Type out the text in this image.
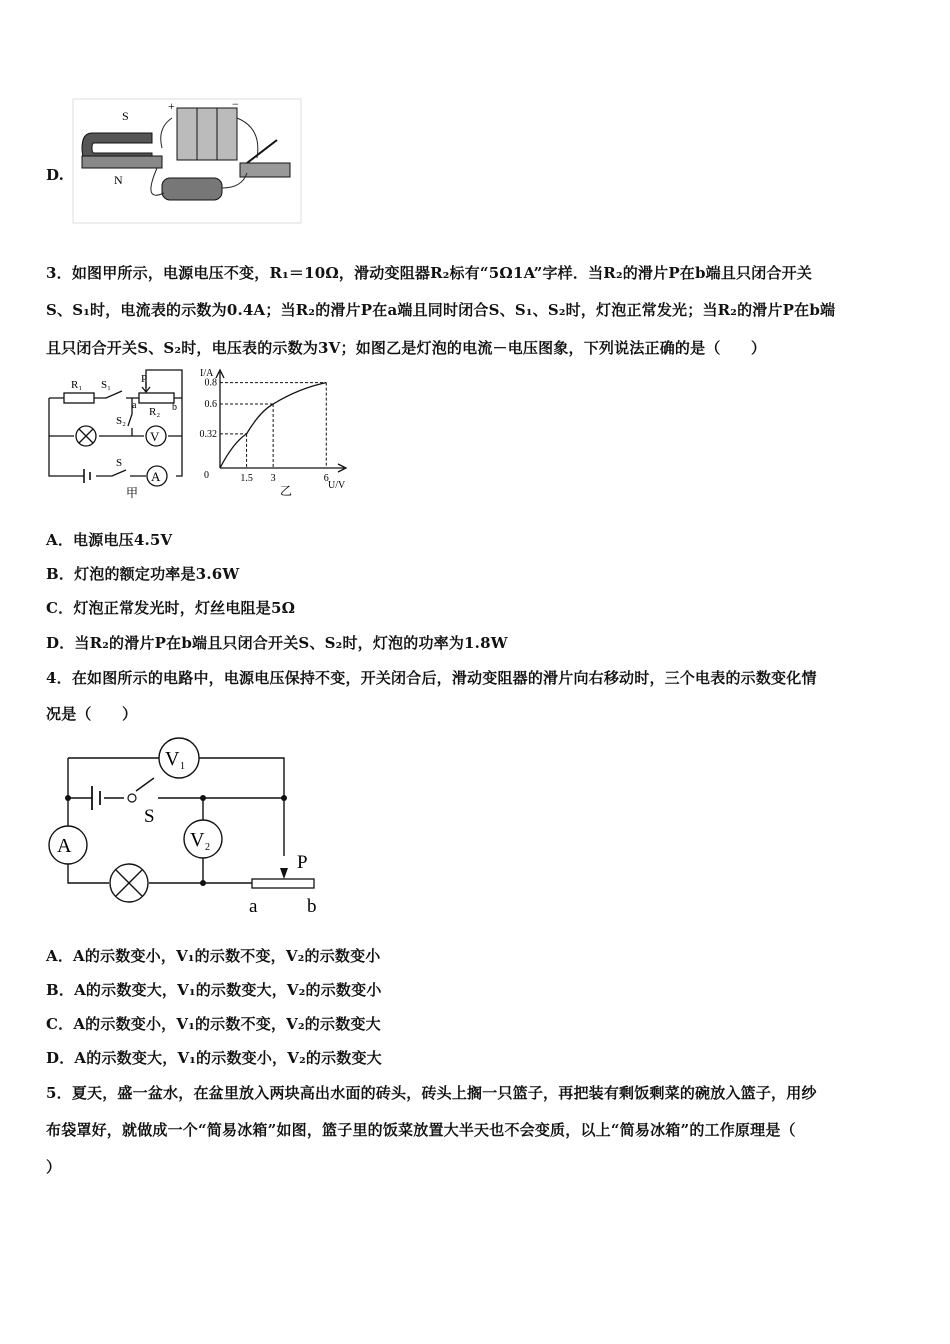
D.
S
N
+	−
3．如图甲所示，电源电压不变，R₁＝10Ω，滑动变阻器R₂标有“5Ω1A”字样．当R₂的滑片P在b端且只闭合开关
S、S₁时，电流表的示数为0.4A；当R₂的滑片P在a端且同时闭合S、S₁、S₂时，灯泡正常发光；当R₂的滑片P在b端
且只闭合开关S、S₂时，电压表的示数为3V；如图乙是灯泡的电流－电压图象，下列说法正确的是（　　）
V
A
R₁ S₁	P
R₂
a	b
S₂
S
甲
0.8
0.6
0.32
1.5 3	6
0
I/A
U/V
乙
A．电源电压4.5V
B．灯泡的额定功率是3.6W
C．灯泡正常发光时，灯丝电阻是5Ω
D．当R₂的滑片P在b端且只闭合开关S、S₂时，灯泡的功率为1.8W
4．在如图所示的电路中，电源电压保持不变，开关闭合后，滑动变阻器的滑片向右移动时，三个电表的示数变化情
况是（　　）
V 1
V 2
A
S
P
a	b
A．A的示数变小，V₁的示数不变，V₂的示数变小
B．A的示数变大，V₁的示数变大，V₂的示数变小
C．A的示数变小，V₁的示数不变，V₂的示数变大
D．A的示数变大，V₁的示数变小，V₂的示数变大
5．夏天，盛一盆水，在盆里放入两块高出水面的砖头，砖头上搁一只篮子，再把装有剩饭剩菜的碗放入篮子，用纱
布袋罩好，就做成一个“简易冰箱”如图，篮子里的饭菜放置大半天也不会变质，以上“简易冰箱”的工作原理是（
）
